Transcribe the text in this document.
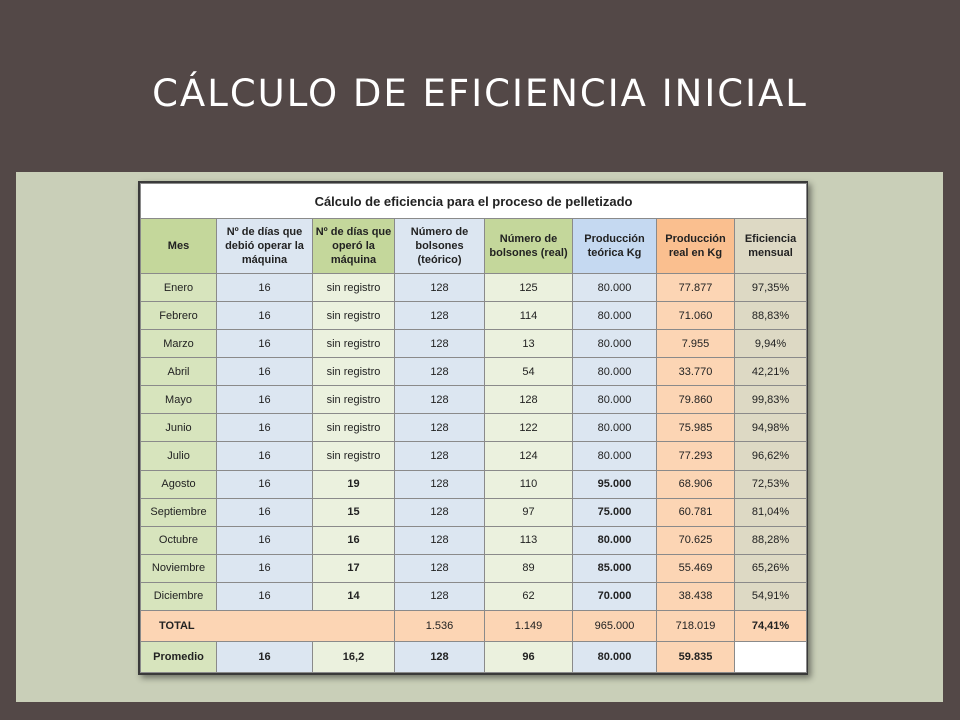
CÁLCULO DE EFICIENCIA INICIAL
Cálculo de eficiencia para el proceso de pelletizado							
Mes	Nº de días que debió operar la máquina	Nº de días que operó la máquina	Número de bolsones (teórico)	Número de bolsones (real)	Producción teórica Kg	Producción real en Kg	Eficiencia mensual
Enero	16	sin registro	128	125	80.000	77.877	97,35%
Febrero	16	sin registro	128	114	80.000	71.060	88,83%
Marzo	16	sin registro	128	13	80.000	7.955	9,94%
Abril	16	sin registro	128	54	80.000	33.770	42,21%
Mayo	16	sin registro	128	128	80.000	79.860	99,83%
Junio	16	sin registro	128	122	80.000	75.985	94,98%
Julio	16	sin registro	128	124	80.000	77.293	96,62%
Agosto	16	19	128	110	95.000	68.906	72,53%
Septiembre	16	15	128	97	75.000	60.781	81,04%
Octubre	16	16	128	113	80.000	70.625	88,28%
Noviembre	16	17	128	89	85.000	55.469	65,26%
Diciembre	16	14	128	62	70.000	38.438	54,91%
TOTAL			1.536	1.149	965.000	718.019	74,41%
Promedio	16	16,2	128	96	80.000	59.835	
